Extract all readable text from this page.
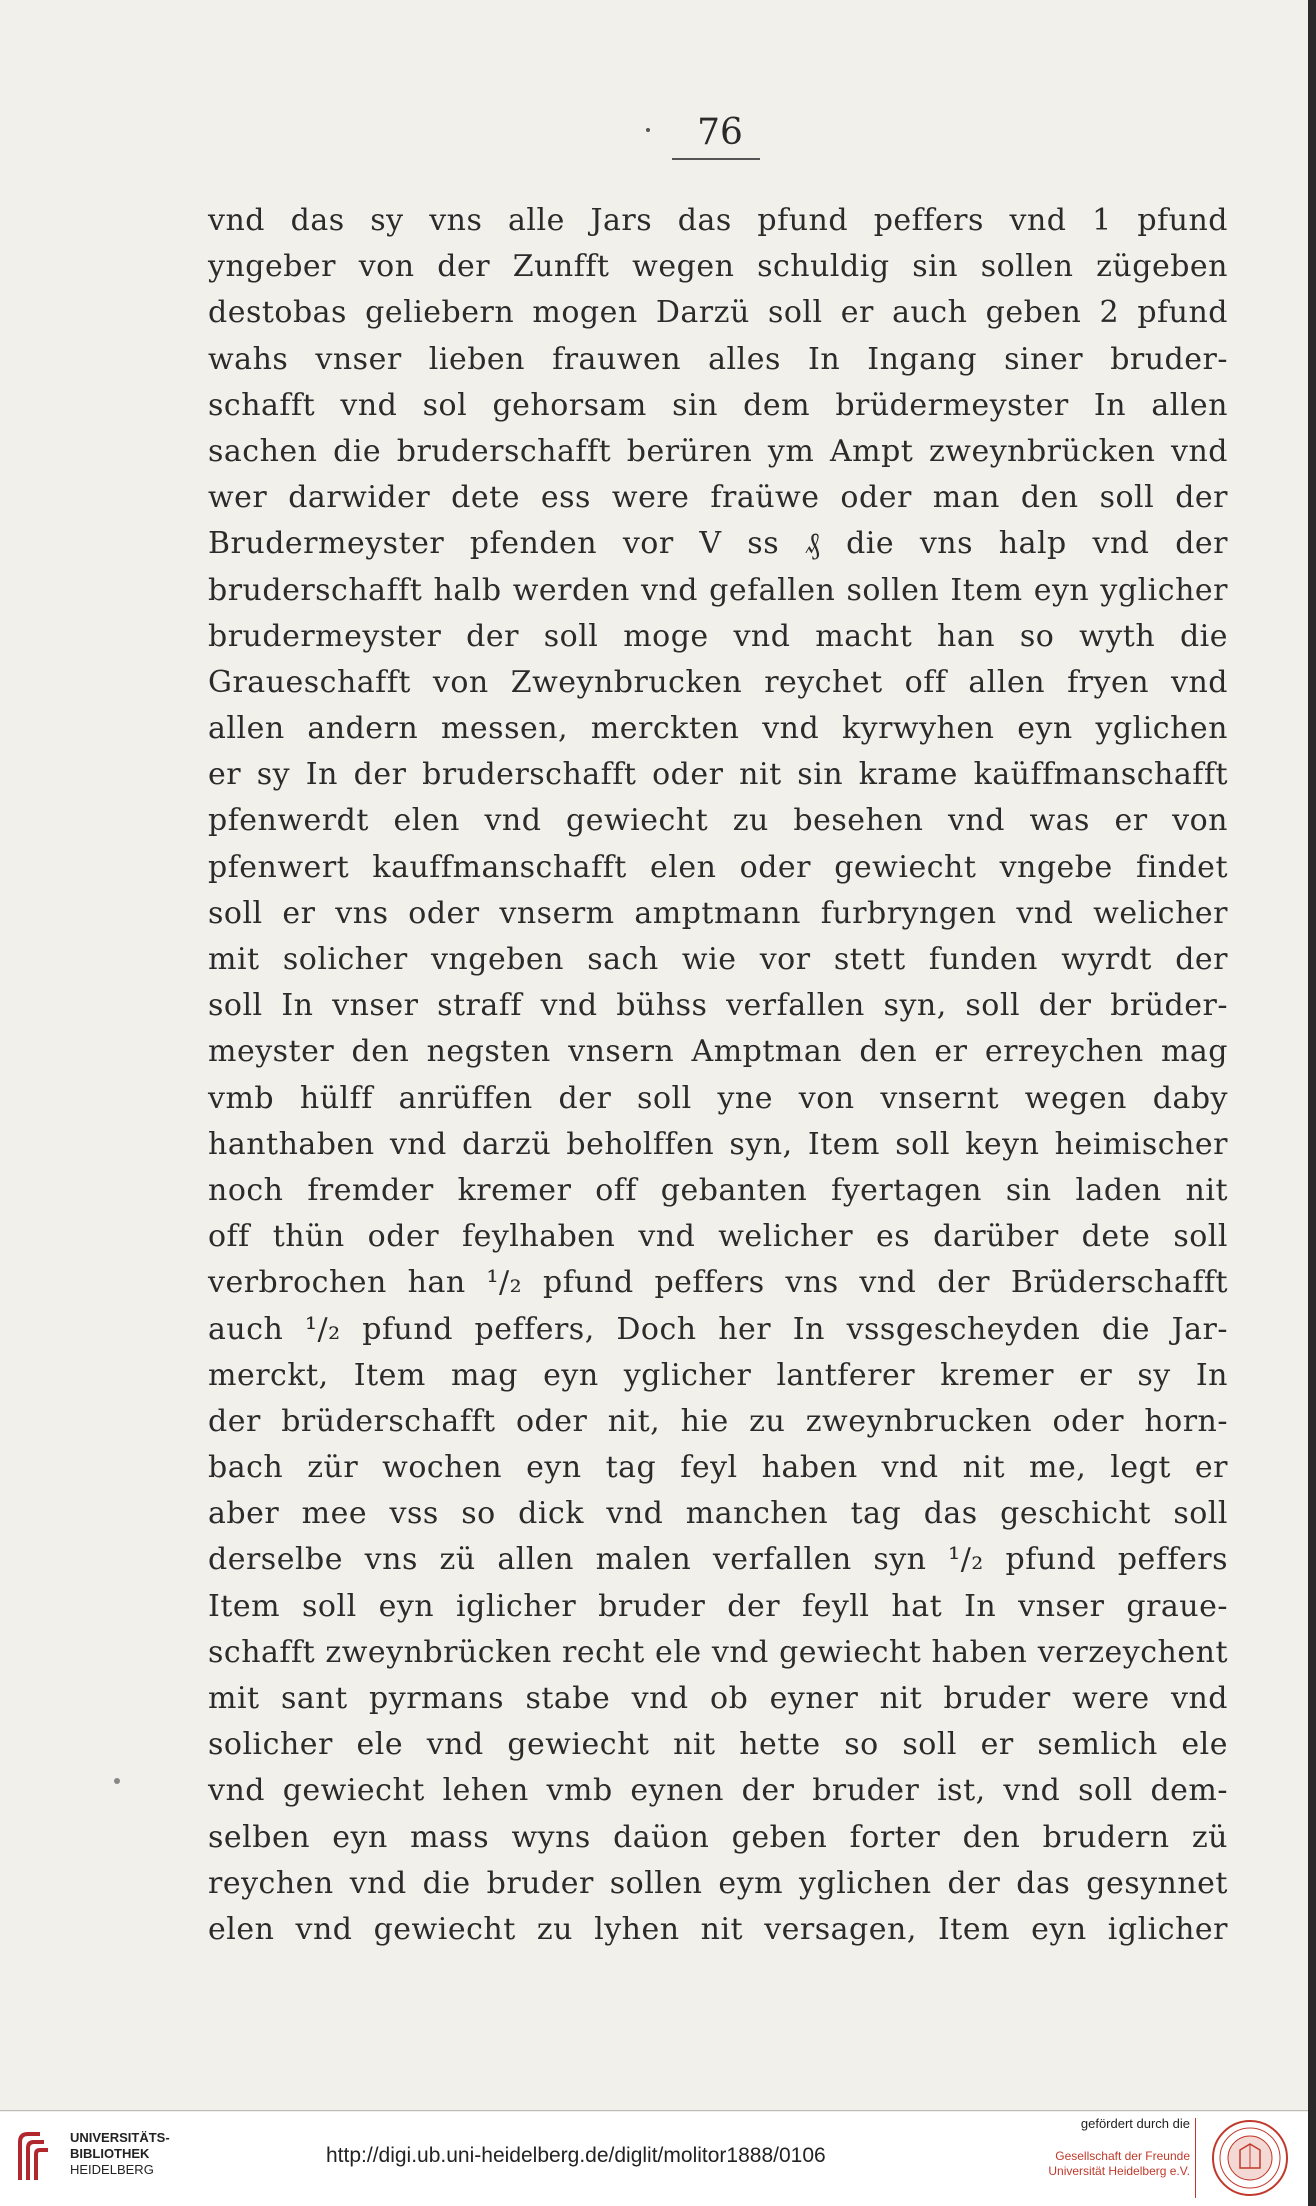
76
vnd das sy vns alle Jars das pfund peffers vnd 1 pfund
yngeber von der Zunfft wegen schuldig sin sollen zügeben
destobas geliebern mogen Darzü soll er auch geben 2 pfund
wahs vnser lieben frauwen alles In Ingang siner bruder-
schafft vnd sol gehorsam sin dem brüdermeyster In allen
sachen die bruderschafft berüren ym Ampt zweynbrücken vnd
wer darwider dete ess were fraüwe oder man den soll der
Brudermeyster pfenden vor V ss ₰ die vns halp vnd der
bruderschafft halb werden vnd gefallen sollen Item eyn yglicher
brudermeyster der soll moge vnd macht han so wyth die
Graueschafft von Zweynbrucken reychet off allen fryen vnd
allen andern messen, merckten vnd kyrwyhen eyn yglichen
er sy In der bruderschafft oder nit sin krame kaüffmanschafft
pfenwerdt elen vnd gewiecht zu besehen vnd was er von
pfenwert kauffmanschafft elen oder gewiecht vngebe findet
soll er vns oder vnserm amptmann furbryngen vnd welicher
mit solicher vngeben sach wie vor stett funden wyrdt der
soll In vnser straff vnd bühss verfallen syn, soll der brüder-
meyster den negsten vnsern Amptman den er erreychen mag
vmb hülff anrüffen der soll yne von vnsernt wegen daby
hanthaben vnd darzü beholffen syn, Item soll keyn heimischer
noch fremder kremer off gebanten fyertagen sin laden nit
off thün oder feylhaben vnd welicher es darüber dete soll
verbrochen han ¹/₂ pfund peffers vns vnd der Brüderschafft
auch ¹/₂ pfund peffers, Doch her In vssgescheyden die Jar-
merckt, Item mag eyn yglicher lantferer kremer er sy In
der brüderschafft oder nit, hie zu zweynbrucken oder horn-
bach zür wochen eyn tag feyl haben vnd nit me, legt er
aber mee vss so dick vnd manchen tag das geschicht soll
derselbe vns zü allen malen verfallen syn ¹/₂ pfund peffers
Item soll eyn iglicher bruder der feyll hat In vnser graue-
schafft zweynbrücken recht ele vnd gewiecht haben verzeychent
mit sant pyrmans stabe vnd ob eyner nit bruder were vnd
solicher ele vnd gewiecht nit hette so soll er semlich ele
vnd gewiecht lehen vmb eynen der bruder ist, vnd soll dem-
selben eyn mass wyns daüon geben forter den brudern zü
reychen vnd die bruder sollen eym yglichen der das gesynnet
elen vnd gewiecht zu lyhen nit versagen, Item eyn iglicher
UNIVERSITÄTS-
BIBLIOTHEK
HEIDELBERG
http://digi.ub.uni-heidelberg.de/diglit/molitor1888/0106
gefördert durch die
Gesellschaft der Freunde
Universität Heidelberg e.V.
